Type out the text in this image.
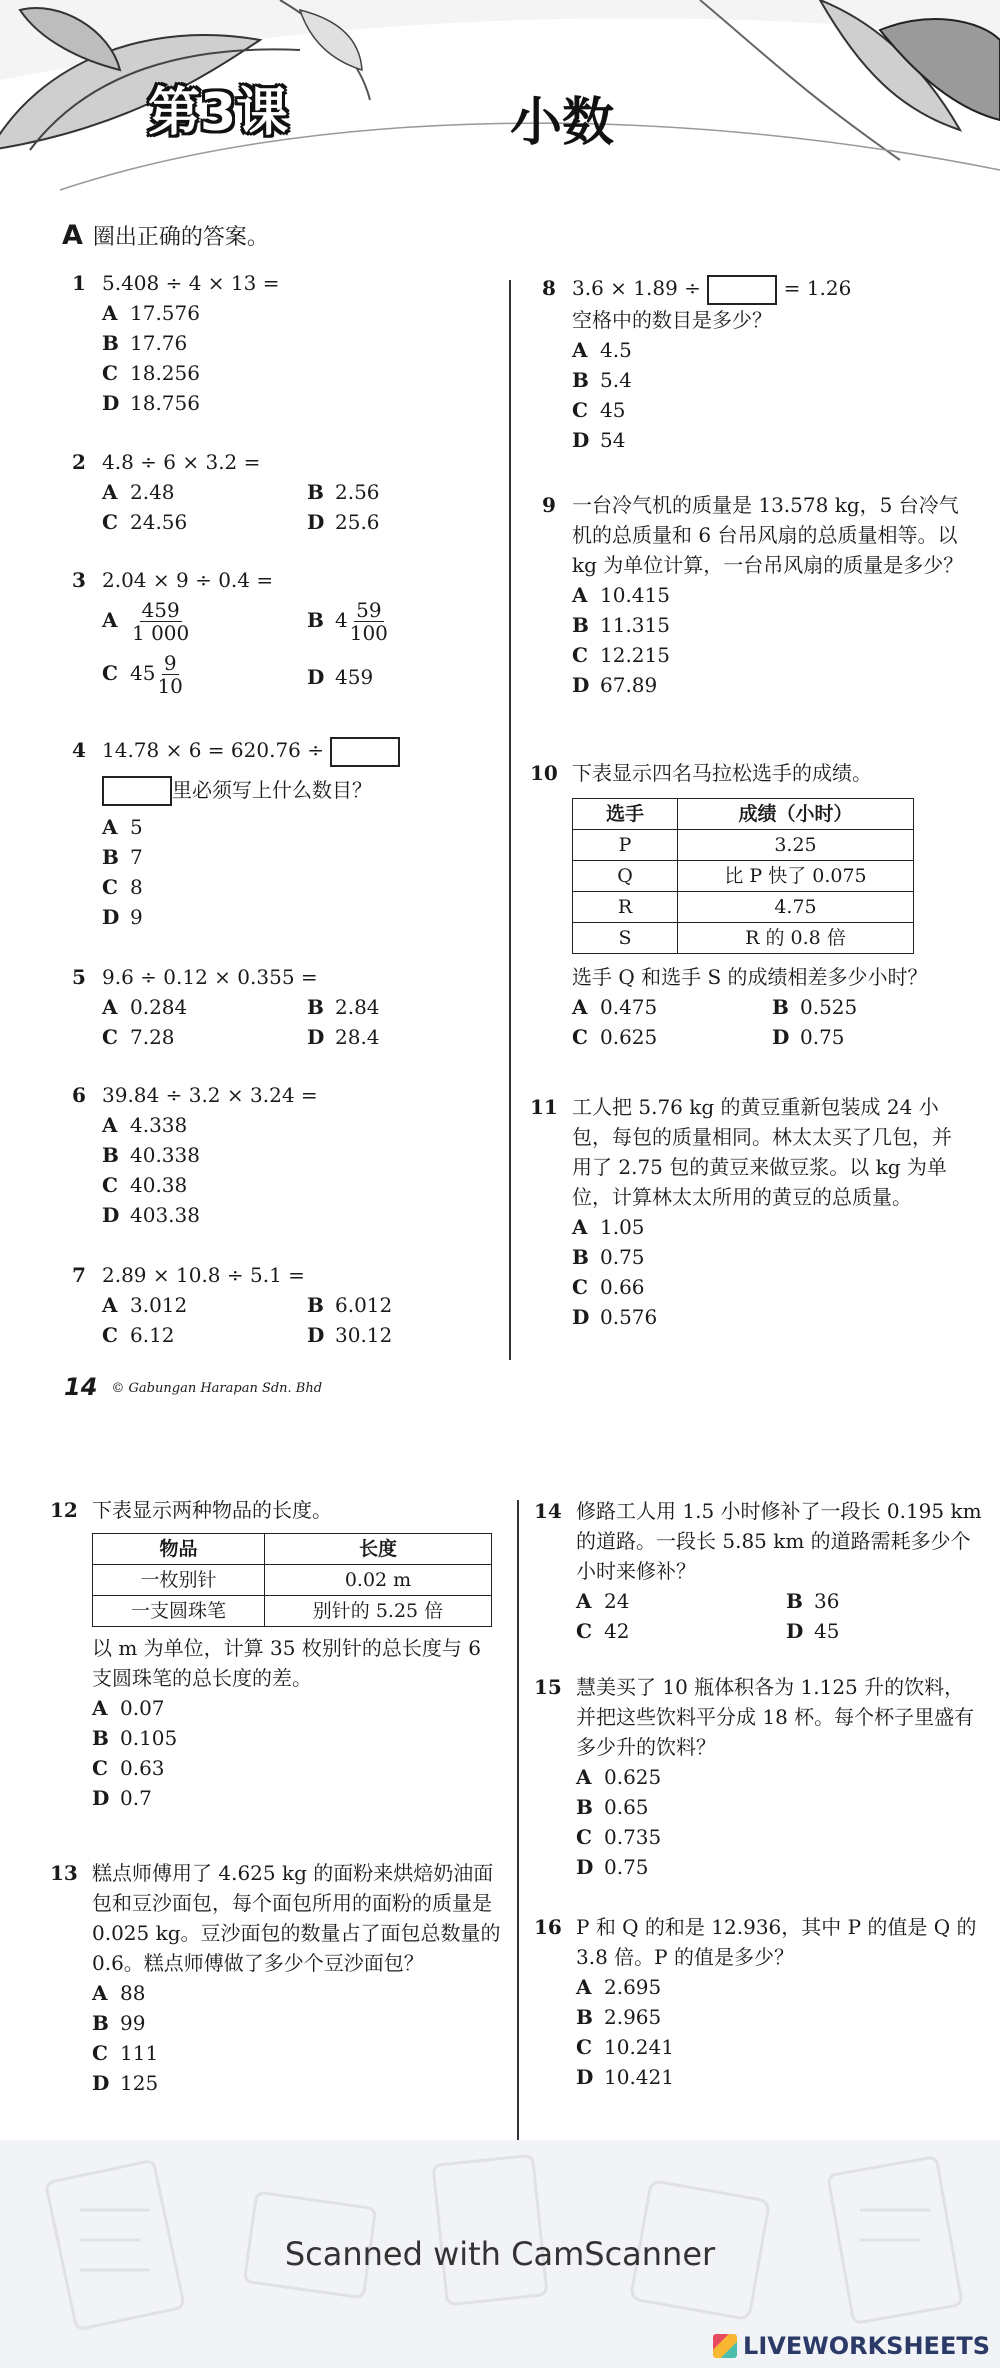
第3课	小数
A 圈出正确的答案。
1 5.408 ÷ 4 × 13 =
A 17.576
B 17.76
C 18.256
D 18.756
2 4.8 ÷ 6 × 3.2 =
A 2.48	B 2.56
C 24.56	D 25.6
3 2.04 × 9 ÷ 0.4 =
A $\frac{459}{1 000}$	B $4 \frac{59}{100}$
C $45 \frac{9}{10}$	D 459
4 14.78 × 6 = 620.76 ÷
里必须写上什么数目？
A 5
B 7
C 8
D 9
5 9.6 ÷ 0.12 × 0.355 =
A 0.284	B 2.84
C 7.28	D 28.4
6 39.84 ÷ 3.2 × 3.24 =
A 4.338
B 40.338
C 40.38
D 403.38
7 2.89 × 10.8 ÷ 5.1 =
A 3.012	B 6.012
C 6.12	D 30.12
14 © Gabungan Harapan Sdn. Bhd
8 3.6 × 1.89 ÷	= 1.26
空格中的数目是多少？
A 4.5
B 5.4
C 45
D 54
9 一台冷气机的质量是 13.578 kg，5 台冷气机的总质量和 6 台吊风扇的总质量相等。以 kg 为单位计算，一台吊风扇的质量是多少？
A 10.415
B 11.315
C 12.215
D 67.89
10 下表显示四名马拉松选手的成绩。
选手	成绩（小时）
P	3.25
Q	比 P 快了 0.075
R	4.75
S	R 的 0.8 倍
选手 Q 和选手 S 的成绩相差多少小时？
A 0.475	B 0.525
C 0.625	D 0.75
11 工人把 5.76 kg 的黄豆重新包装成 24 小包，每包的质量相同。林太太买了几包，并用了 2.75 包的黄豆来做豆浆。以 kg 为单位，计算林太太所用的黄豆的总质量。
A 1.05
B 0.75
C 0.66
D 0.576
12 下表显示两种物品的长度。
物品	长度
一枚别针	0.02 m
一支圆珠笔	别针的 5.25 倍
以 m 为单位，计算 35 枚别针的总长度与 6 支圆珠笔的总长度的差。
A 0.07
B 0.105
C 0.63
D 0.7
13 糕点师傅用了 4.625 kg 的面粉来烘焙奶油面包和豆沙面包，每个面包所用的面粉的质量是 0.025 kg。豆沙面包的数量占了面包总数量的 0.6。糕点师傅做了多少个豆沙面包？
A 88
B 99
C 111
D 125
14 修路工人用 1.5 小时修补了一段长 0.195 km 的道路。一段长 5.85 km 的道路需耗多少个小时来修补？
A 24	B 36
C 42	D 45
15 慧美买了 10 瓶体积各为 1.125 升的饮料，并把这些饮料平分成 18 杯。每个杯子里盛有多少升的饮料？
A 0.625
B 0.65
C 0.735
D 0.75
16 P 和 Q 的和是 12.936，其中 P 的值是 Q 的 3.8 倍。P 的值是多少？
A 2.695
B 2.965
C 10.241
D 10.421
Scanned with CamScanner
LIVEWORKSHEETS
